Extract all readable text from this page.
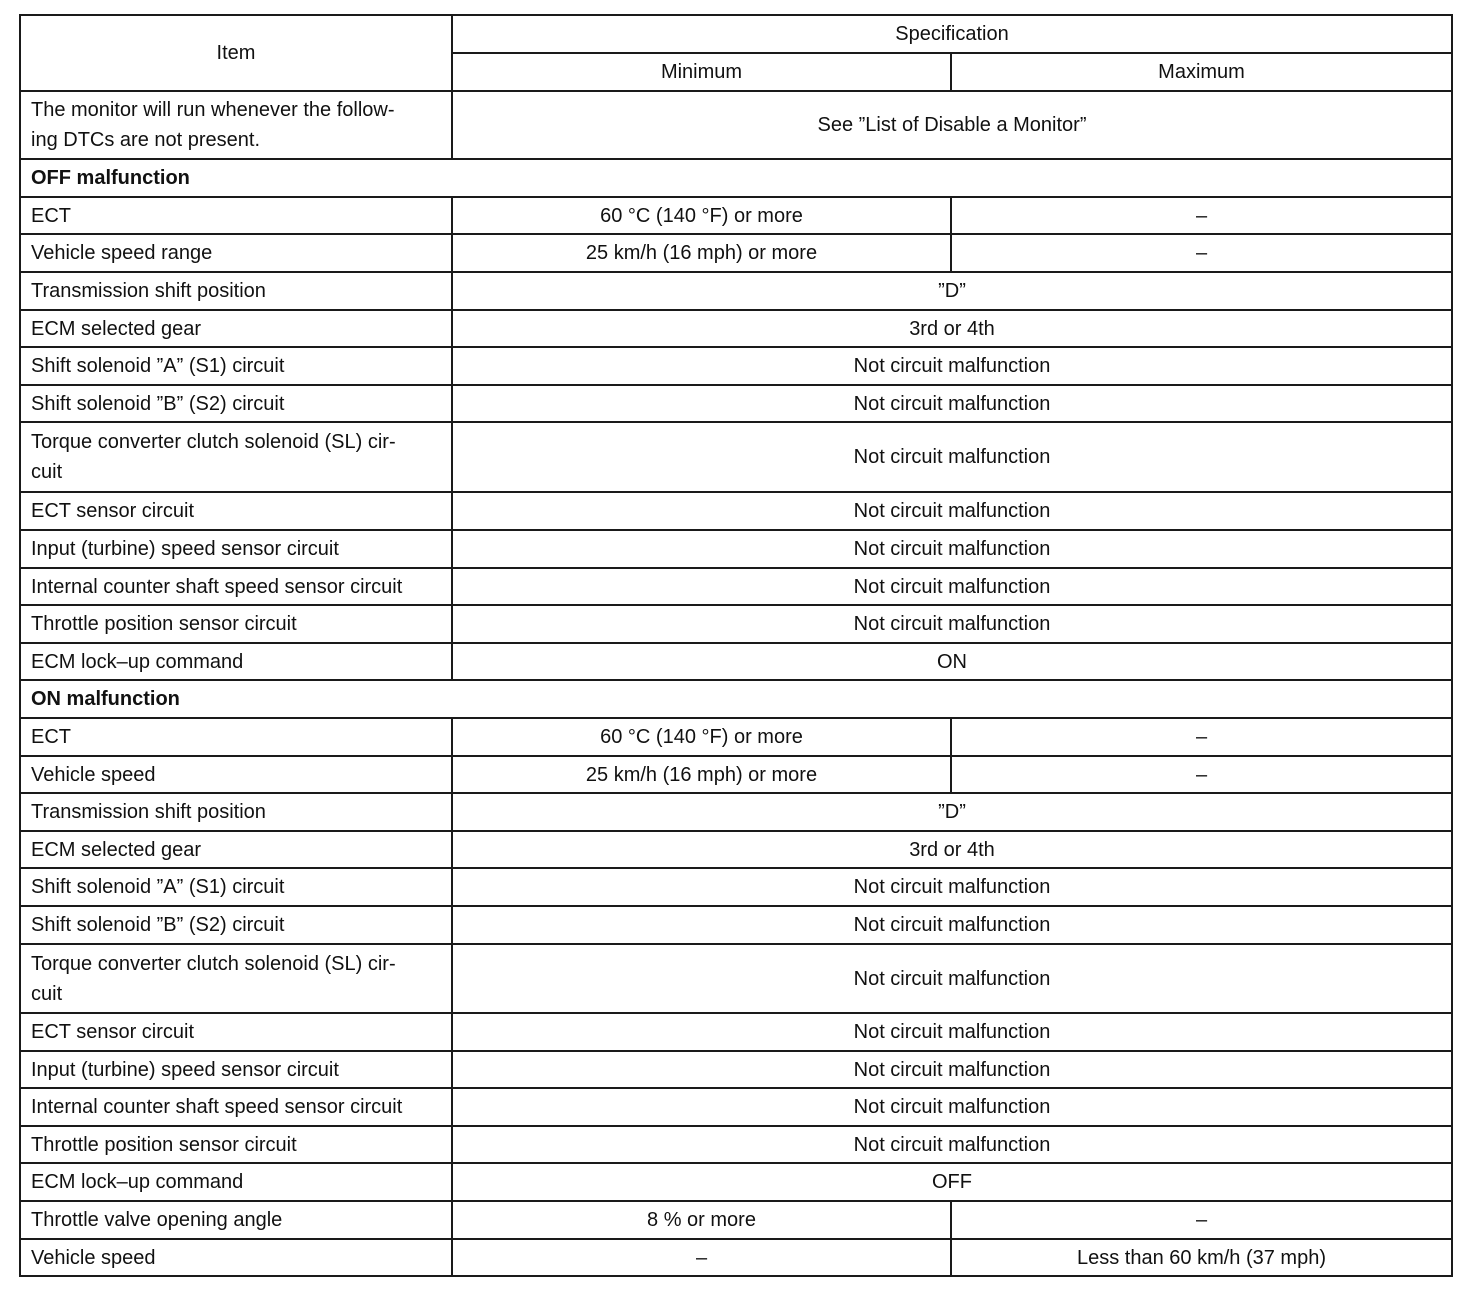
Item	Specification	
	Minimum	Maximum

The monitor will run whenever the follow-
ing DTCs are not present.	See ”List of Disable a Monitor”	
OFF malfunction		
ECT	60 °C (140 °F) or more	–
Vehicle speed range	25 km/h (16 mph) or more	–
Transmission shift position	”D”	
ECM selected gear	3rd or 4th	
Shift solenoid ”A” (S1) circuit	Not circuit malfunction	
Shift solenoid ”B” (S2) circuit	Not circuit malfunction	

Torque converter clutch solenoid (SL) cir-
cuit	Not circuit malfunction	
ECT sensor circuit	Not circuit malfunction	
Input (turbine) speed sensor circuit	Not circuit malfunction	
Internal counter shaft speed sensor circuit	Not circuit malfunction	
Throttle position sensor circuit	Not circuit malfunction	
ECM lock–up command	ON	
ON malfunction		
ECT	60 °C (140 °F) or more	–
Vehicle speed	25 km/h (16 mph) or more	–
Transmission shift position	”D”	
ECM selected gear	3rd or 4th	
Shift solenoid ”A” (S1) circuit	Not circuit malfunction	
Shift solenoid ”B” (S2) circuit	Not circuit malfunction	

Torque converter clutch solenoid (SL) cir-
cuit	Not circuit malfunction	
ECT sensor circuit	Not circuit malfunction	
Input (turbine) speed sensor circuit	Not circuit malfunction	
Internal counter shaft speed sensor circuit	Not circuit malfunction	
Throttle position sensor circuit	Not circuit malfunction	
ECM lock–up command	OFF	
Throttle valve opening angle	8 % or more	–
Vehicle speed	–	Less than 60 km/h (37 mph)
